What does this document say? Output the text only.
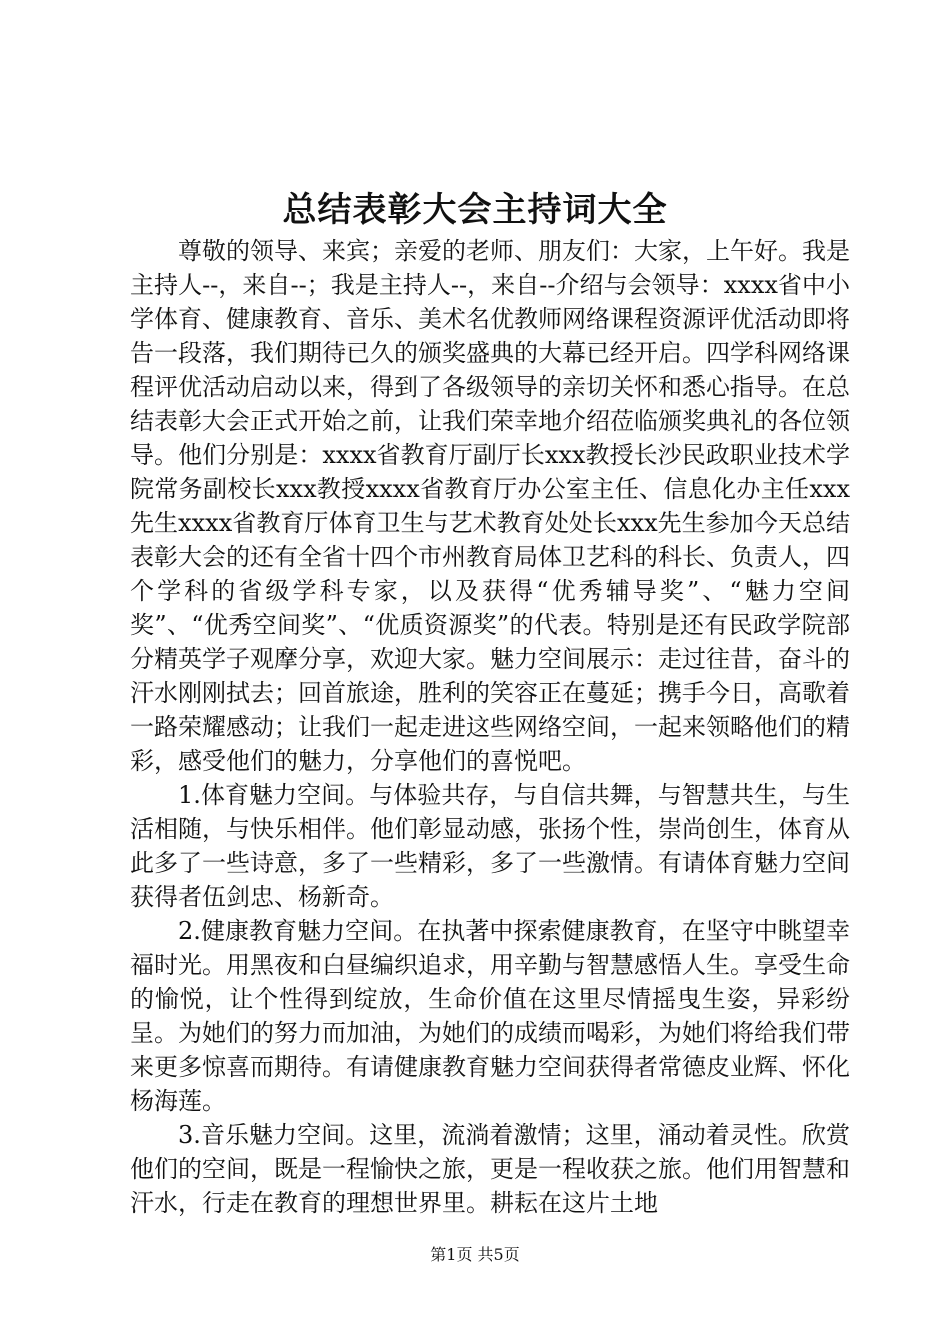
总结表彰大会主持词大全

尊敬的领导、来宾；亲爱的老师、朋友们：大家，上午好。我是主持人--，来自--；我是主持人--，来自--介绍与会领导：xxxx省中小学体育、健康教育、音乐、美术名优教师网络课程资源评优活动即将告一段落，我们期待已久的颁奖盛典的大幕已经开启。四学科网络课程评优活动启动以来，得到了各级领导的亲切关怀和悉心指导。在总结表彰大会正式开始之前，让我们荣幸地介绍莅临颁奖典礼的各位领导。他们分别是：xxxx省教育厅副厅长xxx教授长沙民政职业技术学院常务副校长xxx教授xxxx省教育厅办公室主任、信息化办主任xxx先生xxxx省教育厅体育卫生与艺术教育处处长xxx先生参加今天总结表彰大会的还有全省十四个市州教育局体卫艺科的科长、负责人，四个学科的省级学科专家，以及获得“优秀辅导奖”、“魅力空间奖”、“优秀空间奖”、“优质资源奖”的代表。特别是还有民政学院部分精英学子观摩分享，欢迎大家。魅力空间展示：走过往昔，奋斗的汗水刚刚拭去；回首旅途，胜利的笑容正在蔓延；携手今日，高歌着一路荣耀感动；让我们一起走进这些网络空间，一起来领略他们的精彩，感受他们的魅力，分享他们的喜悦吧。

1.体育魅力空间。与体验共存，与自信共舞，与智慧共生，与生活相随，与快乐相伴。他们彰显动感，张扬个性，崇尚创生，体育从此多了一些诗意，多了一些精彩，多了一些激情。有请体育魅力空间获得者伍剑忠、杨新奇。

2.健康教育魅力空间。在执著中探索健康教育，在坚守中眺望幸福时光。用黑夜和白昼编织追求，用辛勤与智慧感悟人生。享受生命的愉悦，让个性得到绽放，生命价值在这里尽情摇曳生姿，异彩纷呈。为她们的努力而加油，为她们的成绩而喝彩，为她们将给我们带来更多惊喜而期待。有请健康教育魅力空间获得者常德皮业辉、怀化杨海莲。

3.音乐魅力空间。这里，流淌着激情；这里，涌动着灵性。欣赏他们的空间，既是一程愉快之旅，更是一程收获之旅。他们用智慧和汗水，行走在教育的理想世界里。耕耘在这片土地

第1页 共5页
